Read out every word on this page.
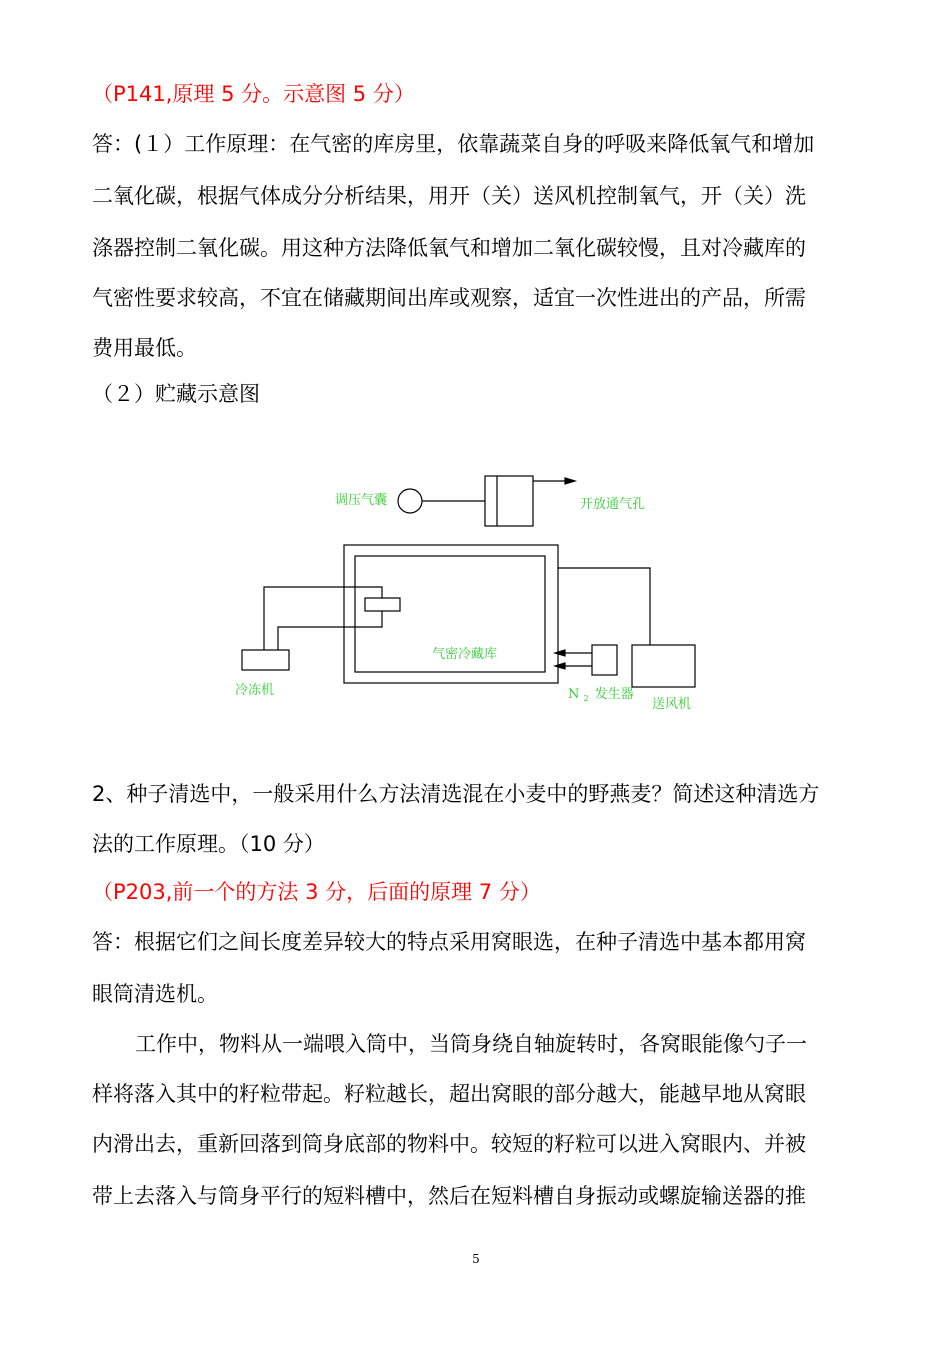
（P141,原理 5 分。示意图 5 分）
答：(１）工作原理：在气密的库房里，依靠蔬菜自身的呼吸来降低氧气和增加
二氧化碳，根据气体成分分析结果，用开（关）送风机控制氧气，开（关）洗
涤器控制二氧化碳。用这种方法降低氧气和增加二氧化碳较慢，且对冷藏库的
气密性要求较高，不宜在储藏期间出库或观察，适宜一次性进出的产品，所需
费用最低。
（２）贮藏示意图
调压气囊	开放通气孔
气密冷藏库
冷冻机	N $_2$ 发生器
送风机
2、种子清选中，一般采用什么方法清选混在小麦中的野燕麦？简述这种清选方
法的工作原理。（10 分）
（P203,前一个的方法 3 分，后面的原理 7 分）
答：根据它们之间长度差异较大的特点采用窝眼选，在种子清选中基本都用窝
眼筒清选机。
工作中，物料从一端喂入筒中，当筒身绕自轴旋转时，各窝眼能像勺子一
样将落入其中的籽粒带起。籽粒越长，超出窝眼的部分越大，能越早地从窝眼
内滑出去，重新回落到筒身底部的物料中。较短的籽粒可以进入窝眼内、并被
带上去落入与筒身平行的短料槽中，然后在短料槽自身振动或螺旋输送器的推
5
